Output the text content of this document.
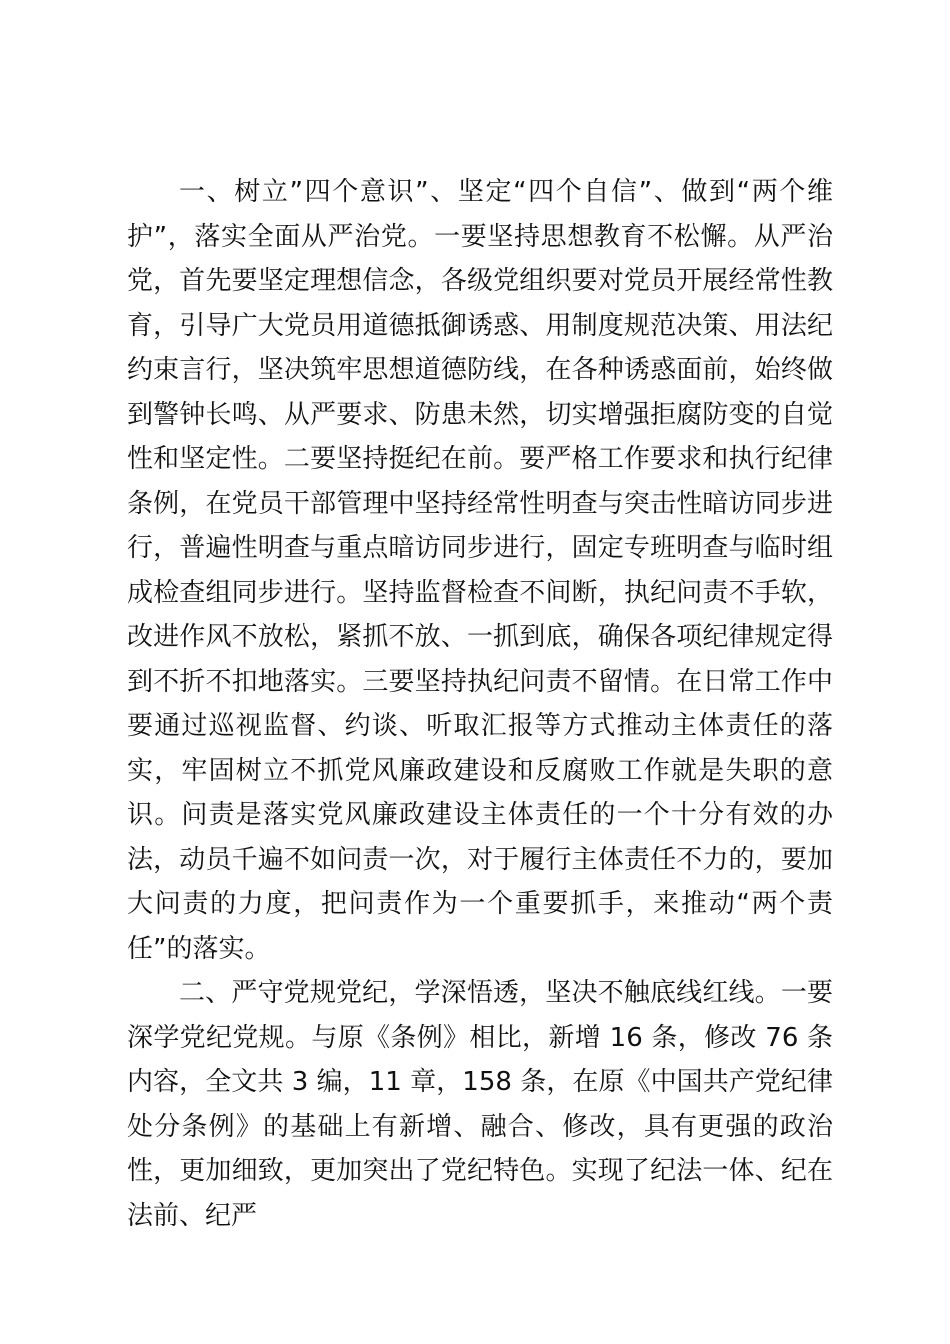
一、树立”四个意识”、坚定“四个自信”、做到“两个维护”，落实全面从严治党。一要坚持思想教育不松懈。从严治党，首先要坚定理想信念，各级党组织要对党员开展经常性教育，引导广大党员用道德抵御诱惑、用制度规范决策、用法纪约束言行，坚决筑牢思想道德防线，在各种诱惑面前，始终做到警钟长鸣、从严要求、防患未然，切实增强拒腐防变的自觉性和坚定性。二要坚持挺纪在前。要严格工作要求和执行纪律条例，在党员干部管理中坚持经常性明查与突击性暗访同步进行，普遍性明查与重点暗访同步进行，固定专班明查与临时组成检查组同步进行。坚持监督检查不间断，执纪问责不手软，改进作风不放松，紧抓不放、一抓到底，确保各项纪律规定得到不折不扣地落实。三要坚持执纪问责不留情。在日常工作中要通过巡视监督、约谈、听取汇报等方式推动主体责任的落实，牢固树立不抓党风廉政建设和反腐败工作就是失职的意识。问责是落实党风廉政建设主体责任的一个十分有效的办法，动员千遍不如问责一次，对于履行主体责任不力的，要加大问责的力度，把问责作为一个重要抓手，来推动“两个责任”的落实。

二、严守党规党纪，学深悟透，坚决不触底线红线。一要深学党纪党规。与原《条例》相比，新增 16 条，修改 76 条内容，全文共 3 编，11 章，158 条，在原《中国共产党纪律处分条例》的基础上有新增、融合、修改，具有更强的政治性，更加细致，更加突出了党纪特色。实现了纪法一体、纪在法前、纪严
